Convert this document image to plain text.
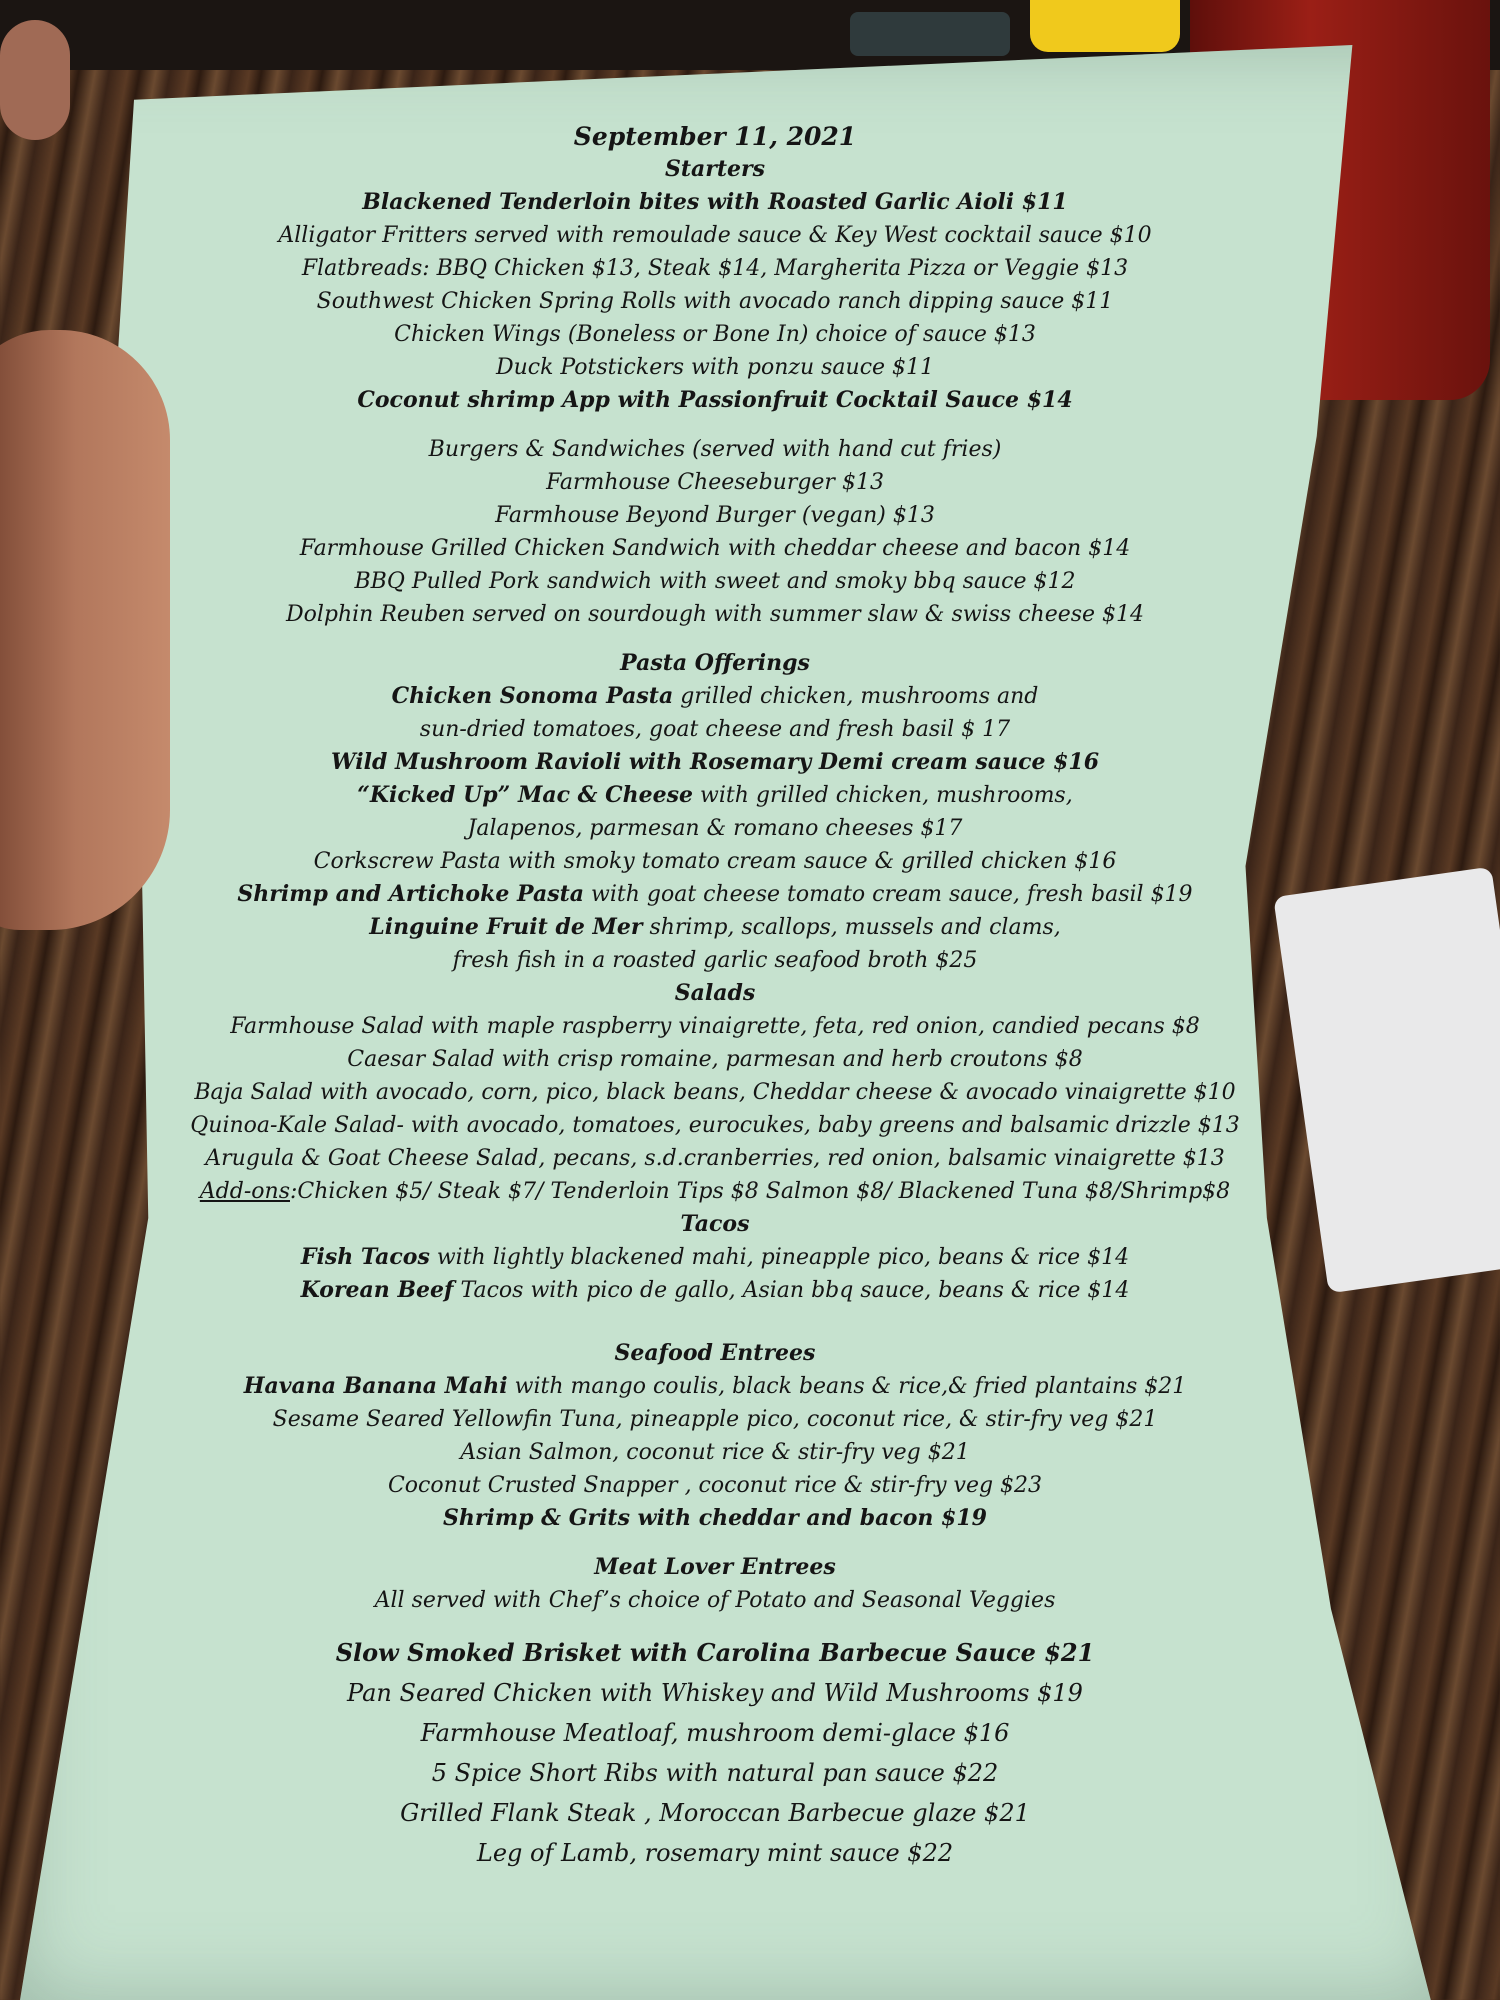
September 11, 2021
Starters
Blackened Tenderloin bites with Roasted Garlic Aioli $11
Alligator Fritters served with remoulade sauce & Key West cocktail sauce $10
Flatbreads: BBQ Chicken $13, Steak $14, Margherita Pizza or Veggie $13
Southwest Chicken Spring Rolls with avocado ranch dipping sauce $11
Chicken Wings (Boneless or Bone In) choice of sauce $13
Duck Potstickers with ponzu sauce $11
Coconut shrimp App with Passionfruit Cocktail Sauce $14
Burgers & Sandwiches (served with hand cut fries)
Farmhouse Cheeseburger $13
Farmhouse Beyond Burger (vegan) $13
Farmhouse Grilled Chicken Sandwich with cheddar cheese and bacon $14
BBQ Pulled Pork sandwich with sweet and smoky bbq sauce $12
Dolphin Reuben served on sourdough with summer slaw & swiss cheese $14
Pasta Offerings
Chicken Sonoma Pasta grilled chicken, mushrooms and
sun-dried tomatoes, goat cheese and fresh basil $ 17
Wild Mushroom Ravioli with Rosemary Demi cream sauce $16
“Kicked Up” Mac & Cheese with grilled chicken, mushrooms,
Jalapenos, parmesan & romano cheeses $17
Corkscrew Pasta with smoky tomato cream sauce & grilled chicken $16
Shrimp and Artichoke Pasta with goat cheese tomato cream sauce, fresh basil $19
Linguine Fruit de Mer shrimp, scallops, mussels and clams,
fresh fish in a roasted garlic seafood broth $25
Salads
Farmhouse Salad with maple raspberry vinaigrette, feta, red onion, candied pecans $8
Caesar Salad with crisp romaine, parmesan and herb croutons $8
Baja Salad with avocado, corn, pico, black beans, Cheddar cheese & avocado vinaigrette $10
Quinoa-Kale Salad- with avocado, tomatoes, eurocukes, baby greens and balsamic drizzle $13
Arugula & Goat Cheese Salad, pecans, s.d.cranberries, red onion, balsamic vinaigrette $13
Add-ons:Chicken $5/ Steak $7/ Tenderloin Tips $8 Salmon $8/ Blackened Tuna $8/Shrimp$8
Tacos
Fish Tacos with lightly blackened mahi, pineapple pico, beans & rice $14
Korean Beef Tacos with pico de gallo, Asian bbq sauce, beans & rice $14
Seafood Entrees
Havana Banana Mahi with mango coulis, black beans & rice,& fried plantains $21
Sesame Seared Yellowfin Tuna, pineapple pico, coconut rice, & stir-fry veg $21
Asian Salmon, coconut rice & stir-fry veg $21
Coconut Crusted Snapper , coconut rice & stir-fry veg $23
Shrimp & Grits with cheddar and bacon $19
Meat Lover Entrees
All served with Chef’s choice of Potato and Seasonal Veggies
Slow Smoked Brisket with Carolina Barbecue Sauce $21
Pan Seared Chicken with Whiskey and Wild Mushrooms $19
Farmhouse Meatloaf, mushroom demi-glace $16
5 Spice Short Ribs with natural pan sauce $22
Grilled Flank Steak , Moroccan Barbecue glaze $21
Leg of Lamb, rosemary mint sauce $22
